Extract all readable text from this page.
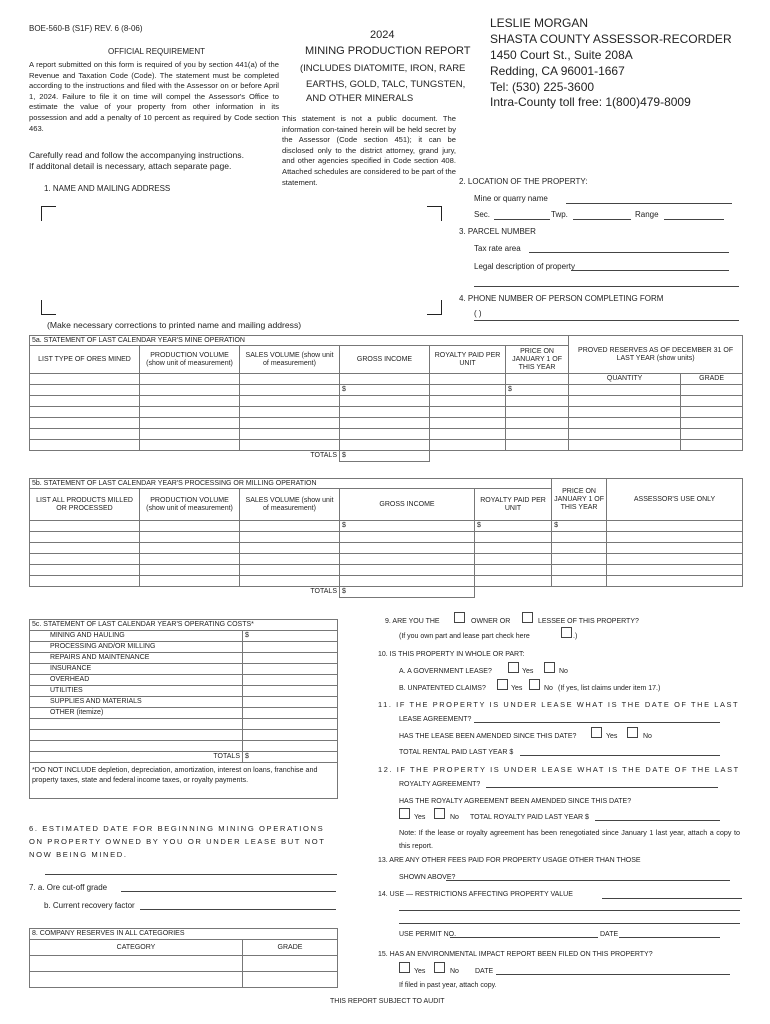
BOE-560-B (S1F) REV. 6 (8-06)
OFFICIAL REQUIREMENT
A report submitted on this form is required of you by section 441(a) of the Revenue and Taxation Code (Code). The statement must be completed according to the instructions and filed with the Assessor on or before April 1, 2024. Failure to file it on time will compel the Assessor's Office to estimate the value of your property from other information in its possession and add a penalty of 10 percent as required by Code section 463.
Carefully read and follow the accompanying instructions.
If additonal detail is necessary, attach separate page.
2024
MINING PRODUCTION REPORT
(INCLUDES DIATOMITE, IRON, RARE
EARTHS, GOLD, TALC, TUNGSTEN,
AND OTHER MINERALS
This statement is not a public document. The information con-tained herein will be held secret by the Assessor (Code section 451); it can be disclosed only to the district attorney, grand jury, and other agencies specified in Code section 408. Attached schedules are considered to be part of the statement.
LESLIE MORGAN
SHASTA COUNTY ASSESSOR-RECORDER
1450 Court St., Suite 208A
Redding, CA 96001-1667
Tel: (530) 225-3600
Intra-County toll free: 1(800)479-8009
1. NAME AND MAILING ADDRESS
(Make necessary corrections to printed name and mailing address)
2. LOCATION OF THE PROPERTY:
Mine or quarry name
Sec.	Twp.	Range
3. PARCEL NUMBER
Tax rate area
Legal description of property
4. PHONE NUMBER OF PERSON COMPLETING FORM
( )
5a. STATEMENT OF LAST CALENDAR YEAR'S MINE OPERATION						PROVED RESERVES AS OF DECEMBER 31 OF LAST YEAR (show units)	
LIST TYPE OF ORES MINED	PRODUCTION VOLUME (show unit of measurement)	SALES VOLUME (show unit of measurement)	GROSS INCOME	ROYALTY PAID PER UNIT	PRICE ON JANUARY 1 OF THIS YEAR		
						QUANTITY	GRADE
			$		$		

TOTALS			$				
5b. STATEMENT OF LAST CALENDAR YEAR'S PROCESSING OR MILLING OPERATION					PRICE ON JANUARY 1 OF THIS YEAR	ASSESSOR'S USE ONLY
LIST ALL PRODUCTS MILLED OR PROCESSED	PRODUCTION VOLUME (show unit of measurement)	SALES VOLUME (show unit of measurement)	GROSS INCOME	ROYALTY PAID PER UNIT		
			$	$	$	

TOTALS			$			
5c. STATEMENT OF LAST CALENDAR YEAR'S OPERATING COSTS*	
MINING AND HAULING	$
PROCESSING AND/OR MILLING	
REPAIRS AND MAINTENANCE	
INSURANCE	
OVERHEAD	
UTILITIES	
SUPPLIES AND MATERIALS	
OTHER (itemize)	

TOTALS	$
*DO NOT INCLUDE depletion, depreciation, amortization, interest on loans, franchise and property taxes, state and federal income taxes, or royalty payments.	
6. ESTIMATED DATE FOR BEGINNING MINING OPERATIONS ON PROPERTY OWNED BY YOU OR UNDER LEASE BUT NOT NOW BEING MINED.
7. a. Ore cut-off grade
b. Current recovery factor
8. COMPANY RESERVES IN ALL CATEGORIES	
CATEGORY	GRADE

9. ARE YOU THE	OWNER OR	LESSEE OF THIS PROPERTY?
(If you own part and lease part check here	.)
10. IS THIS PROPERTY IN WHOLE OR PART:
A. A GOVERNMENT LEASE?	Yes	No
B. UNPATENTED CLAIMS?	Yes	No (If yes, list claims under item 17.)
11. IF THE PROPERTY IS UNDER LEASE WHAT IS THE DATE OF THE LAST
LEASE AGREEMENT?
HAS THE LEASE BEEN AMENDED SINCE THIS DATE?	Yes	No
TOTAL RENTAL PAID LAST YEAR $
12. IF THE PROPERTY IS UNDER LEASE WHAT IS THE DATE OF THE LAST
ROYALTY AGREEMENT?
HAS THE ROYALTY AGREEMENT BEEN AMENDED SINCE THIS DATE?
Yes	No TOTAL ROYALTY PAID LAST YEAR $
Note: If the lease or royalty agreement has been renegotiated since January 1 last year, attach a copy to this report.
13. ARE ANY OTHER FEES PAID FOR PROPERTY USAGE OTHER THAN THOSE
SHOWN ABOVE?
14. USE — RESTRICTIONS AFFECTING PROPERTY VALUE
USE PERMIT NO.	DATE
15. HAS AN ENVIRONMENTAL IMPACT REPORT BEEN FILED ON THIS PROPERTY?
Yes	No DATE
If filed in past year, attach copy.
THIS REPORT SUBJECT TO AUDIT
